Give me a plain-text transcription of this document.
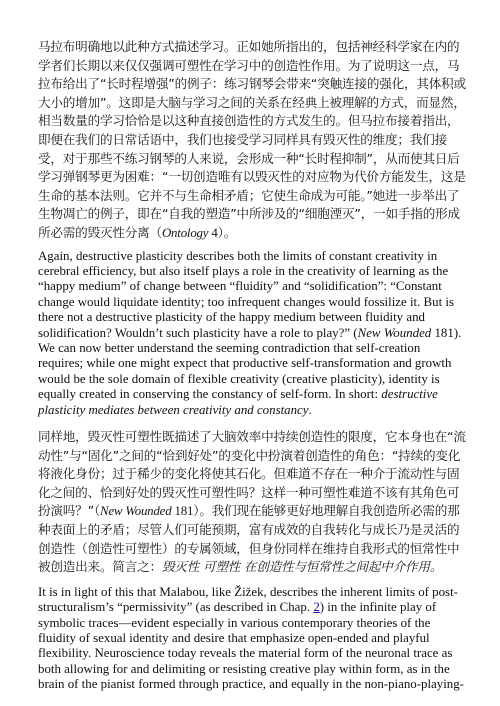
马拉布明确地以此种方式描述学习。正如她所指出的，包括神经科学家在内的学者们长期以来仅仅强调可塑性在学习中的创造性作用。为了说明这一点，马拉布给出了“长时程增强”的例子：练习钢琴会带来“突触连接的强化，其体积或大小的增加”。这即是大脑与学习之间的关系在经典上被理解的方式，而显然，相当数量的学习恰恰是以这种直接创造性的方式发生的。但马拉布接着指出，即便在我们的日常话语中，我们也接受学习同样具有毁灭性的维度；我们接受，对于那些不练习钢琴的人来说，会形成一种“长时程抑制”，从而使其日后学习弹钢琴更为困难：“一切创造唯有以毁灭性的对应物为代价方能发生，这是生命的基本法则。它并不与生命相矛盾；它使生命成为可能。”她进一步举出了生物凋亡的例子，即在“自我的塑造”中所涉及的“细胞湮灭”，一如手指的形成所必需的毁灭性分离（Ontology 4）。

Again, destructive plasticity describes both the limits of constant creativity in cerebral efficiency, but also itself plays a role in the creativity of learning as the “happy medium” of change between “fluidity” and “solidification”: “Constant change would liquidate identity; too infrequent changes would fossilize it. But is there not a destructive plasticity of the happy medium between fluidity and solidification? Wouldn’t such plasticity have a role to play?” (New Wounded 181). We can now better understand the seeming contradiction that self-creation requires; while one might expect that productive self-transformation and growth would be the sole domain of flexible creativity (creative plasticity), identity is equally created in conserving the constancy of self-form. In short: destructive plasticity mediates between creativity and constancy.

同样地，毁灭性可塑性既描述了大脑效率中持续创造性的限度，它本身也在“流动性”与“固化”之间的“恰到好处”的变化中扮演着创造性的角色：“持续的变化将液化身份；过于稀少的变化将使其石化。但难道不存在一种介于流动性与固化之间的、恰到好处的毁灭性可塑性吗？这样一种可塑性难道不该有其角色可扮演吗？”（New Wounded 181）。我们现在能够更好地理解自我创造所必需的那种表面上的矛盾；尽管人们可能预期，富有成效的自我转化与成长乃是灵活的创造性（创造性可塑性）的专属领域，但身份同样在维持自我形式的恒常性中被创造出来。简言之：毁灭性 可塑性 在创造性与恒常性之间起中介作用。

It is in light of this that Malabou, like Žižek, describes the inherent limits of post-structuralism’s “permissivity” (as described in Chap. 2) in the infinite play of symbolic traces—evident especially in various contemporary theories of the fluidity of sexual identity and desire that emphasize open-ended and playful flexibility. Neuroscience today reveals the material form of the neuronal trace as both allowing for and delimiting or resisting creative play within form, as in the brain of the pianist formed through practice, and equally in the non-piano-playing-
